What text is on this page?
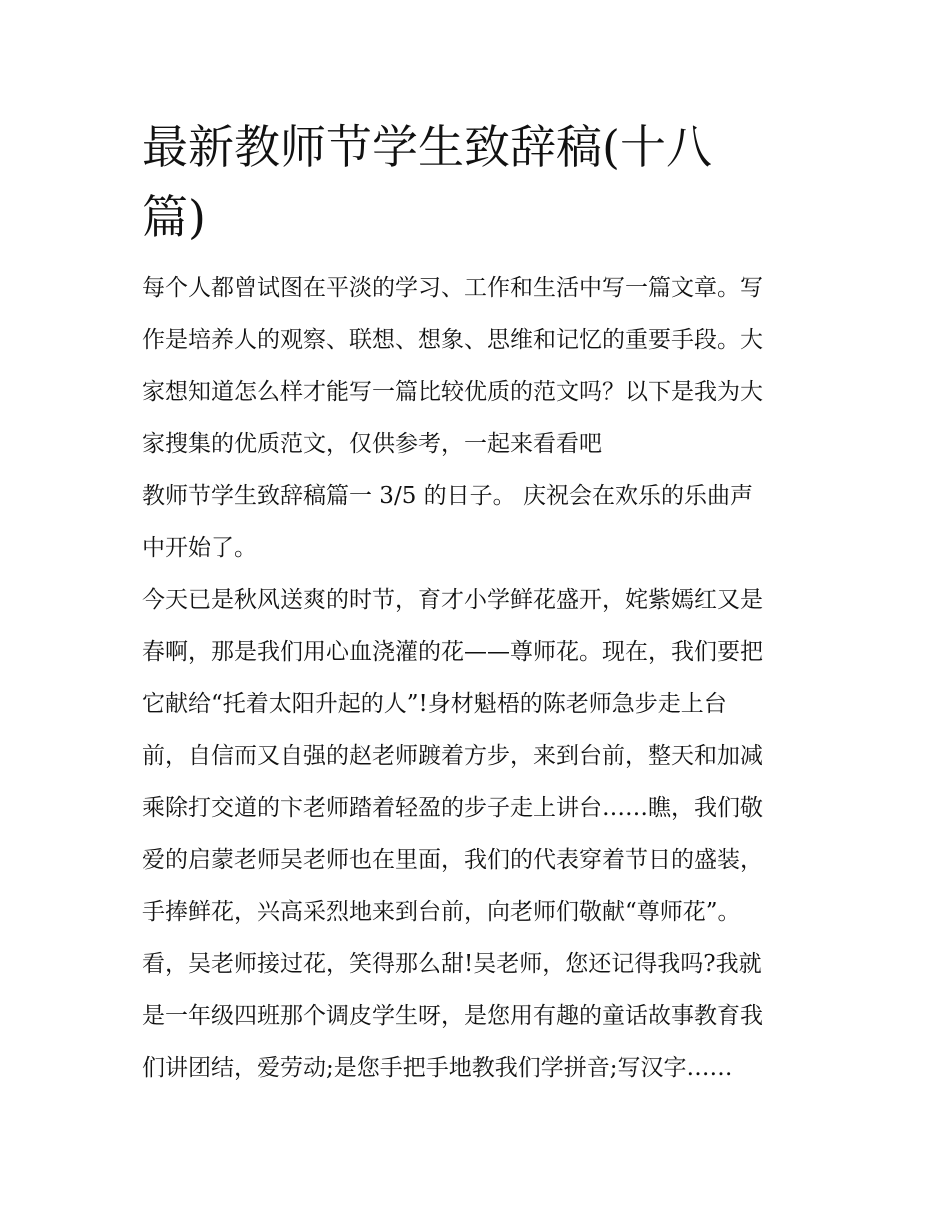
最新教师节学生致辞稿(十八
篇)

每个人都曾试图在平淡的学习、工作和生活中写一篇文章。写

作是培养人的观察、联想、想象、思维和记忆的重要手段。大

家想知道怎么样才能写一篇比较优质的范文吗？以下是我为大

家搜集的优质范文，仅供参考，一起来看看吧

教师节学生致辞稿篇一 3/5 的日子。 庆祝会在欢乐的乐曲声

中开始了。

今天已是秋风送爽的时节，育才小学鲜花盛开，姹紫嫣红又是

春啊，那是我们用心血浇灌的花——尊师花。现在，我们要把

它献给“托着太阳升起的人”!身材魁梧的陈老师急步走上台

前，自信而又自强的赵老师踱着方步，来到台前，整天和加减

乘除打交道的卞老师踏着轻盈的步子走上讲台……瞧，我们敬

爱的启蒙老师吴老师也在里面，我们的代表穿着节日的盛装，

手捧鲜花，兴高采烈地来到台前，向老师们敬献“尊师花”。

看，吴老师接过花，笑得那么甜!吴老师，您还记得我吗?我就

是一年级四班那个调皮学生呀，是您用有趣的童话故事教育我

们讲团结，爱劳动;是您手把手地教我们学拼音;写汉字……
